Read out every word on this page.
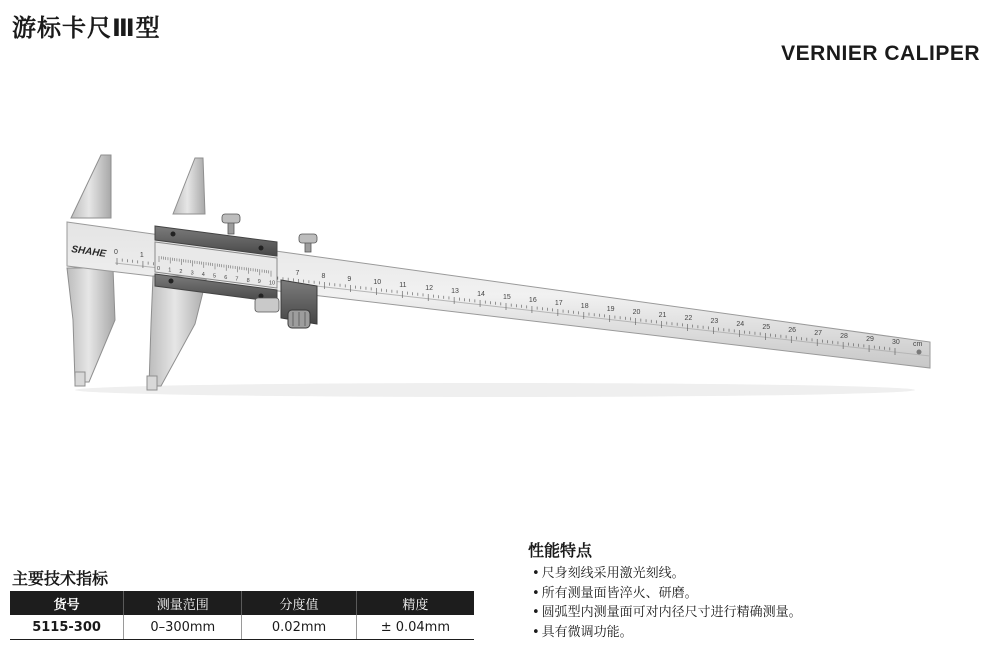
游标卡尺Ⅲ型
VERNIER CALIPER
SHAHE 0	1
7	8	9	10	11	12	13	14	15	16	17	18	19	20	21	22	23	24	25	26	27	28	29	30 cm
0 1 2 3 4 5 6 7 8 9 10
主要技术指标
货号	测量范围	分度值	精度
5115-300	0–300mm	0.02mm	± 0.04mm
性能特点
• 尺身刻线采用激光刻线。
• 所有测量面皆淬火、研磨。
• 圆弧型内测量面可对内径尺寸进行精确测量。
• 具有微调功能。
